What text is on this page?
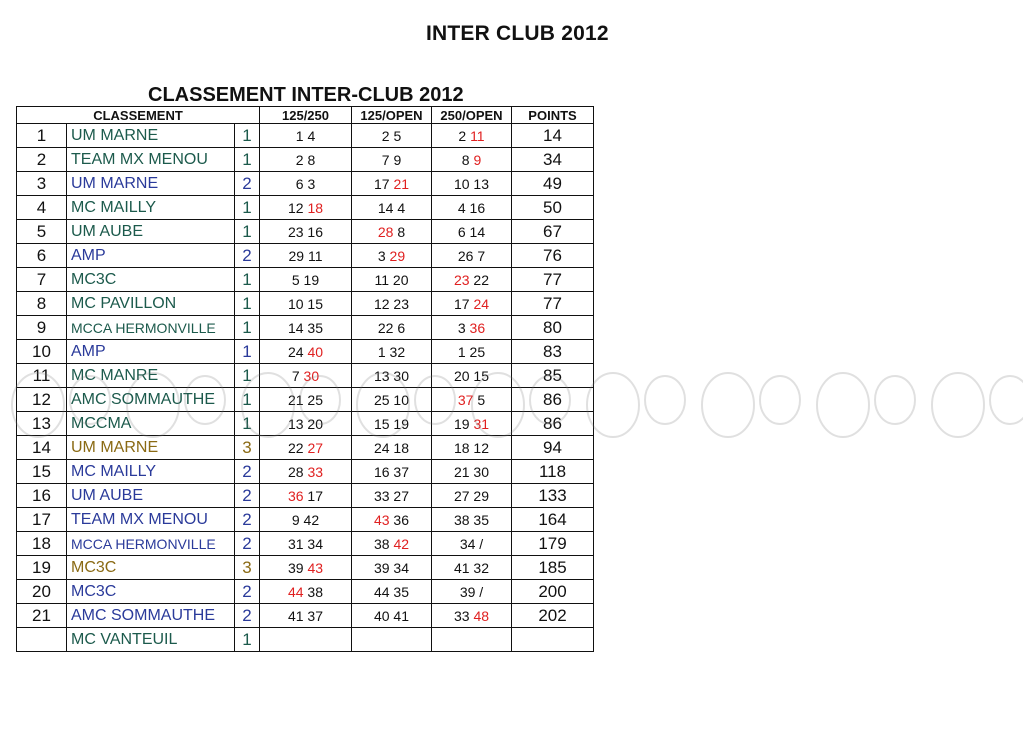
INTER CLUB 2012
CLASSEMENT INTER-CLUB 2012
CLASSEMENT			125/250	125/OPEN	250/OPEN	POINTS
1	UM MARNE	1	1 4	2 5	2 11	14
2	TEAM MX MENOU	1	2 8	7 9	8 9	34
3	UM MARNE	2	6 3	17 21	10 13	49
4	MC MAILLY	1	12 18	14 4	4 16	50
5	UM AUBE	1	23 16	28 8	6 14	67
6	AMP	2	29 11	3 29	26 7	76
7	MC3C	1	5 19	11 20	23 22	77
8	MC PAVILLON	1	10 15	12 23	17 24	77
9	MCCA HERMONVILLE	1	14 35	22 6	3 36	80
10	AMP	1	24 40	1 32	1 25	83
11	MC MANRE	1	7 30	13 30	20 15	85
12	AMC SOMMAUTHE	1	21 25	25 10	37 5	86
13	MCCMA	1	13 20	15 19	19 31	86
14	UM MARNE	3	22 27	24 18	18 12	94
15	MC MAILLY	2	28 33	16 37	21 30	118
16	UM AUBE	2	36 17	33 27	27 29	133
17	TEAM MX MENOU	2	9 42	43 36	38 35	164
18	MCCA HERMONVILLE	2	31 34	38 42	34 /	179
19	MC3C	3	39 43	39 34	41 32	185
20	MC3C	2	44 38	44 35	39 /	200
21	AMC SOMMAUTHE	2	41 37	40 41	33 48	202
	MC VANTEUIL	1				
